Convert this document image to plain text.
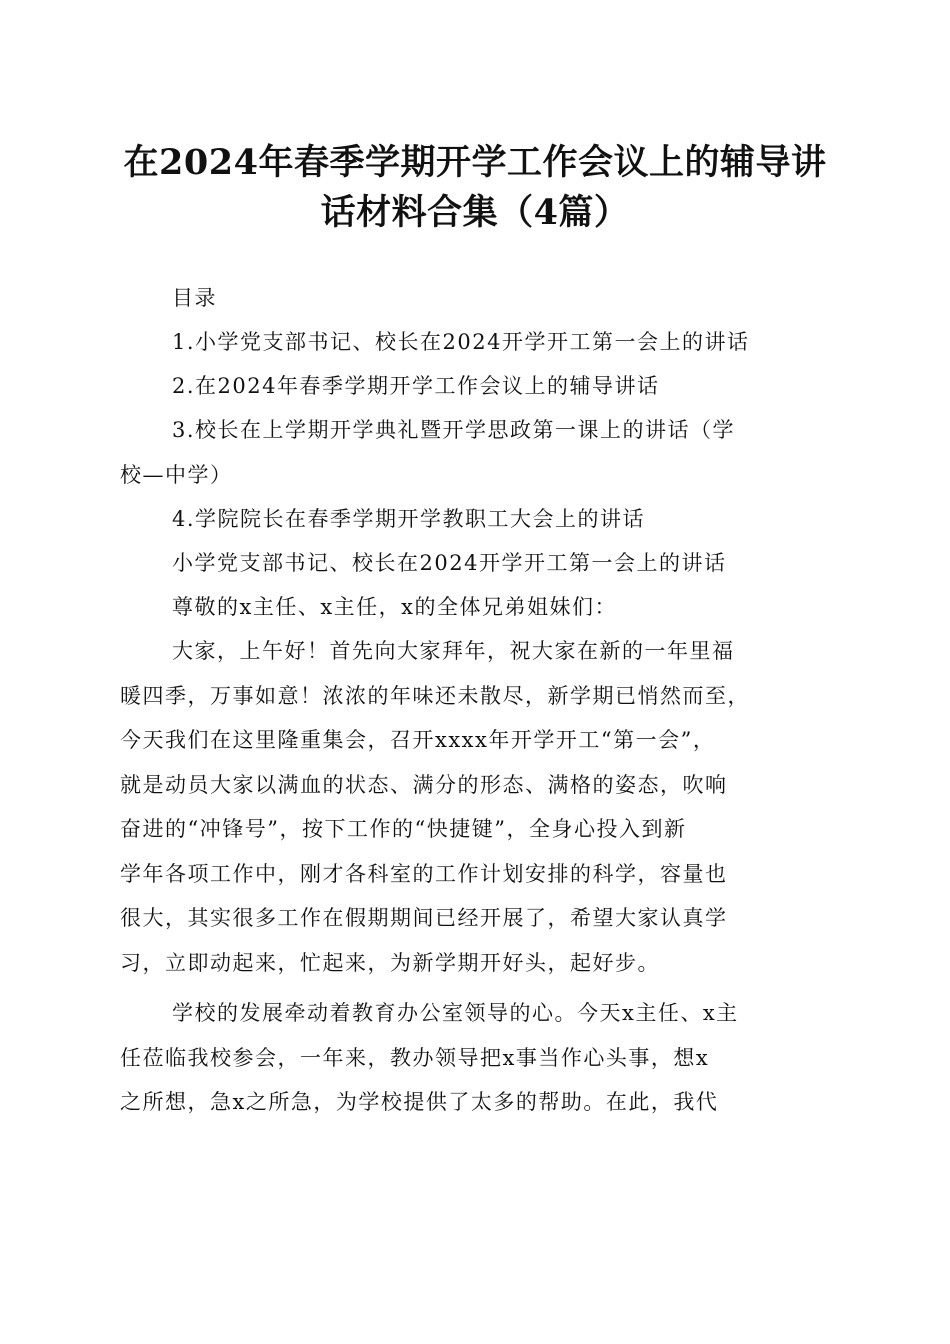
在2024年春季学期开学工作会议上的辅导讲
话材料合集（4篇）
目录
1.小学党支部书记、校长在2024开学开工第一会上的讲话
2.在2024年春季学期开学工作会议上的辅导讲话
3.校长在上学期开学典礼暨开学思政第一课上的讲话（学
校—中学）
4.学院院长在春季学期开学教职工大会上的讲话
小学党支部书记、校长在2024开学开工第一会上的讲话
尊敬的x主任、x主任，x的全体兄弟姐妹们：
大家，上午好！首先向大家拜年，祝大家在新的一年里福
暖四季，万事如意！浓浓的年味还未散尽，新学期已悄然而至，
今天我们在这里隆重集会，召开xxxx年开学开工“第一会”，
就是动员大家以满血的状态、满分的形态、满格的姿态，吹响
奋进的“冲锋号”，按下工作的“快捷键”，全身心投入到新
学年各项工作中，刚才各科室的工作计划安排的科学，容量也
很大，其实很多工作在假期期间已经开展了，希望大家认真学
习，立即动起来，忙起来，为新学期开好头，起好步。
学校的发展牵动着教育办公室领导的心。今天x主任、x主
任莅临我校参会，一年来，教办领导把x事当作心头事，想x
之所想，急x之所急，为学校提供了太多的帮助。在此，我代
